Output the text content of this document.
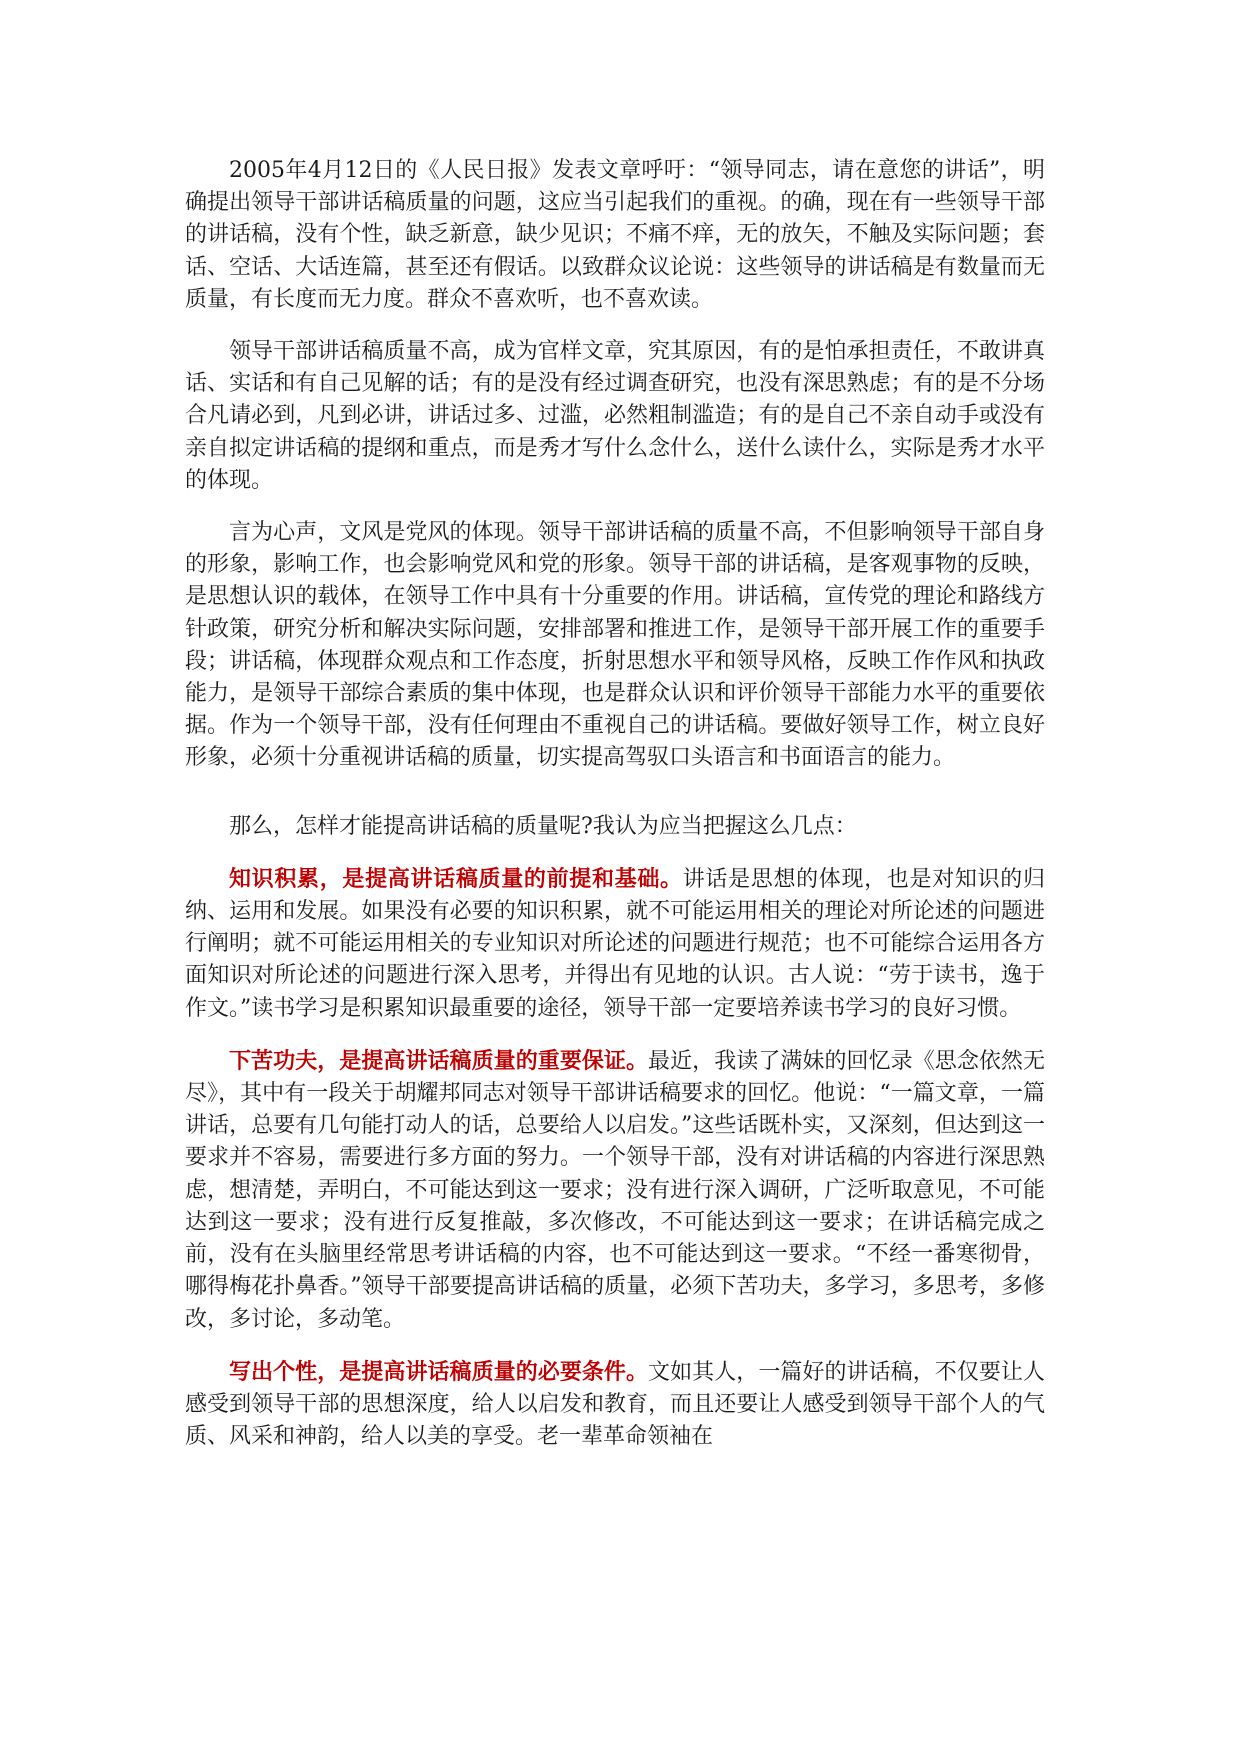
2005年4月12日的《人民日报》发表文章呼吁：“领导同志，请在意您的讲话”，明确提出领导干部讲话稿质量的问题，这应当引起我们的重视。的确，现在有一些领导干部的讲话稿，没有个性，缺乏新意，缺少见识；不痛不痒，无的放矢，不触及实际问题；套话、空话、大话连篇，甚至还有假话。以致群众议论说：这些领导的讲话稿是有数量而无质量，有长度而无力度。群众不喜欢听，也不喜欢读。

领导干部讲话稿质量不高，成为官样文章，究其原因，有的是怕承担责任，不敢讲真话、实话和有自己见解的话；有的是没有经过调查研究，也没有深思熟虑；有的是不分场合凡请必到，凡到必讲，讲话过多、过滥，必然粗制滥造；有的是自己不亲自动手或没有亲自拟定讲话稿的提纲和重点，而是秀才写什么念什么，送什么读什么，实际是秀才水平的体现。

言为心声，文风是党风的体现。领导干部讲话稿的质量不高，不但影响领导干部自身的形象，影响工作，也会影响党风和党的形象。领导干部的讲话稿，是客观事物的反映，是思想认识的载体，在领导工作中具有十分重要的作用。讲话稿，宣传党的理论和路线方针政策，研究分析和解决实际问题，安排部署和推进工作，是领导干部开展工作的重要手段；讲话稿，体现群众观点和工作态度，折射思想水平和领导风格，反映工作作风和执政能力，是领导干部综合素质的集中体现，也是群众认识和评价领导干部能力水平的重要依据。作为一个领导干部，没有任何理由不重视自己的讲话稿。要做好领导工作，树立良好形象，必须十分重视讲话稿的质量，切实提高驾驭口头语言和书面语言的能力。

那么，怎样才能提高讲话稿的质量呢?我认为应当把握这么几点：

知识积累，是提高讲话稿质量的前提和基础。讲话是思想的体现，也是对知识的归纳、运用和发展。如果没有必要的知识积累，就不可能运用相关的理论对所论述的问题进行阐明；就不可能运用相关的专业知识对所论述的问题进行规范；也不可能综合运用各方面知识对所论述的问题进行深入思考，并得出有见地的认识。古人说：“劳于读书，逸于作文。”读书学习是积累知识最重要的途径，领导干部一定要培养读书学习的良好习惯。

下苦功夫，是提高讲话稿质量的重要保证。最近，我读了满妹的回忆录《思念依然无尽》，其中有一段关于胡耀邦同志对领导干部讲话稿要求的回忆。他说：“一篇文章，一篇讲话，总要有几句能打动人的话，总要给人以启发。”这些话既朴实，又深刻，但达到这一要求并不容易，需要进行多方面的努力。一个领导干部，没有对讲话稿的内容进行深思熟虑，想清楚，弄明白，不可能达到这一要求；没有进行深入调研，广泛听取意见，不可能达到这一要求；没有进行反复推敲，多次修改，不可能达到这一要求；在讲话稿完成之前，没有在头脑里经常思考讲话稿的内容，也不可能达到这一要求。“不经一番寒彻骨，哪得梅花扑鼻香。”领导干部要提高讲话稿的质量，必须下苦功夫，多学习，多思考，多修改，多讨论，多动笔。

写出个性，是提高讲话稿质量的必要条件。文如其人，一篇好的讲话稿，不仅要让人感受到领导干部的思想深度，给人以启发和教育，而且还要让人感受到领导干部个人的气质、风采和神韵，给人以美的享受。老一辈革命领袖在
